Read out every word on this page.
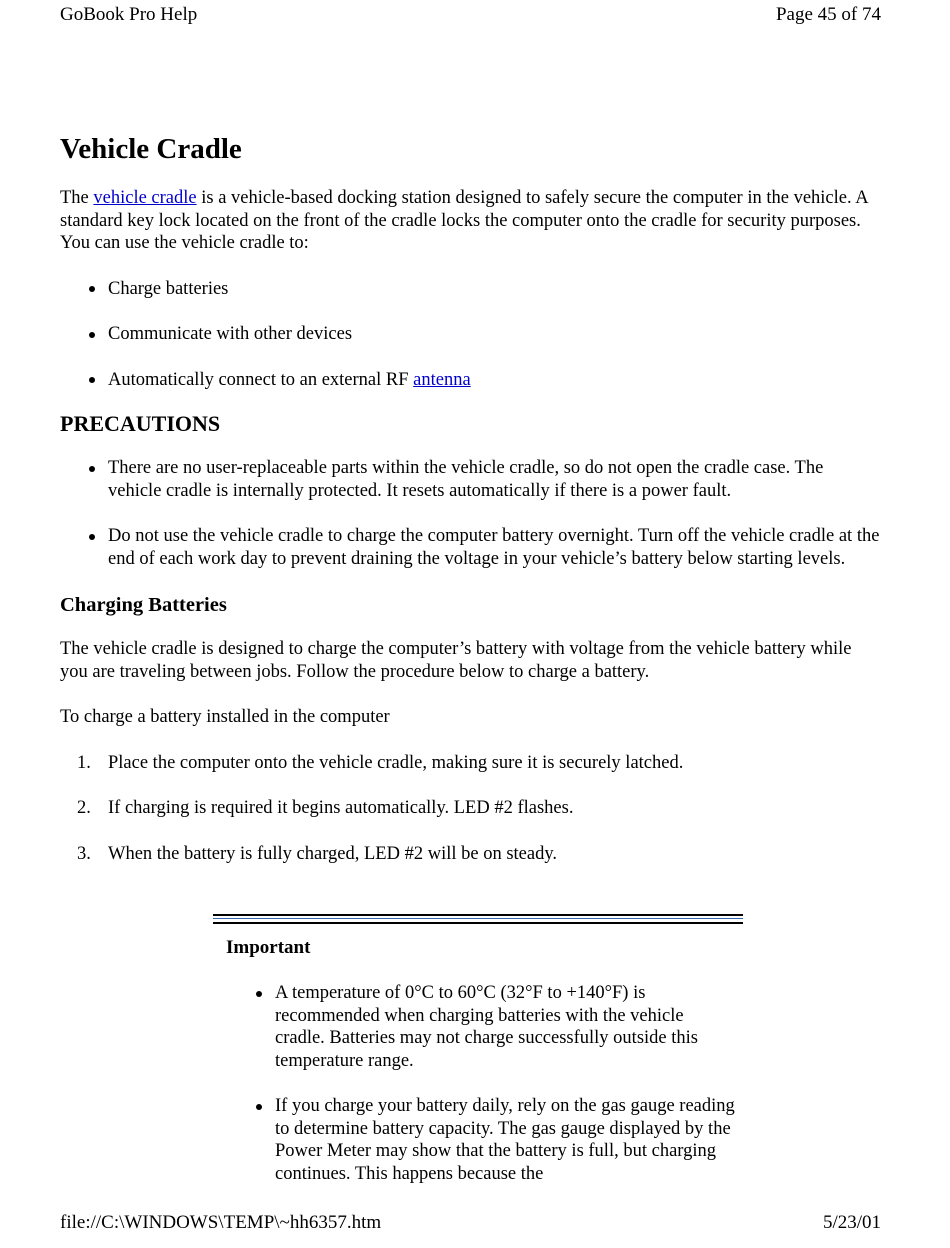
GoBook Pro Help	Page 45 of 74
Vehicle Cradle

The vehicle cradle is a vehicle-based docking station designed to safely secure the computer in the vehicle. A standard key lock located on the front of the cradle locks the computer onto the cradle for security purposes. You can use the vehicle cradle to:

Charge batteries
Communicate with other devices
Automatically connect to an external RF antenna
PRECAUTIONS
There are no user-replaceable parts within the vehicle cradle, so do not open the cradle case. The vehicle cradle is internally protected. It resets automatically if there is a power fault.
Do not use the vehicle cradle to charge the computer battery overnight. Turn off the vehicle cradle at the end of each work day to prevent draining the voltage in your vehicle’s battery below starting levels.
Charging Batteries

The vehicle cradle is designed to charge the computer’s battery with voltage from the vehicle battery while you are traveling between jobs. Follow the procedure below to charge a battery.

To charge a battery installed in the computer

1. Place the computer onto the vehicle cradle, making sure it is securely latched.
2. If charging is required it begins automatically. LED #2 flashes.
3. When the battery is fully charged, LED #2 will be on steady.
Important
A temperature of 0°C to 60°C (32°F to +140°F) is recommended when charging batteries with the vehicle cradle. Batteries may not charge successfully outside this temperature range.
If you charge your battery daily, rely on the gas gauge reading to determine battery capacity. The gas gauge displayed by the Power Meter may show that the battery is full, but charging continues. This happens because the
file://C:\WINDOWS\TEMP\~hh6357.htm	5/23/01
